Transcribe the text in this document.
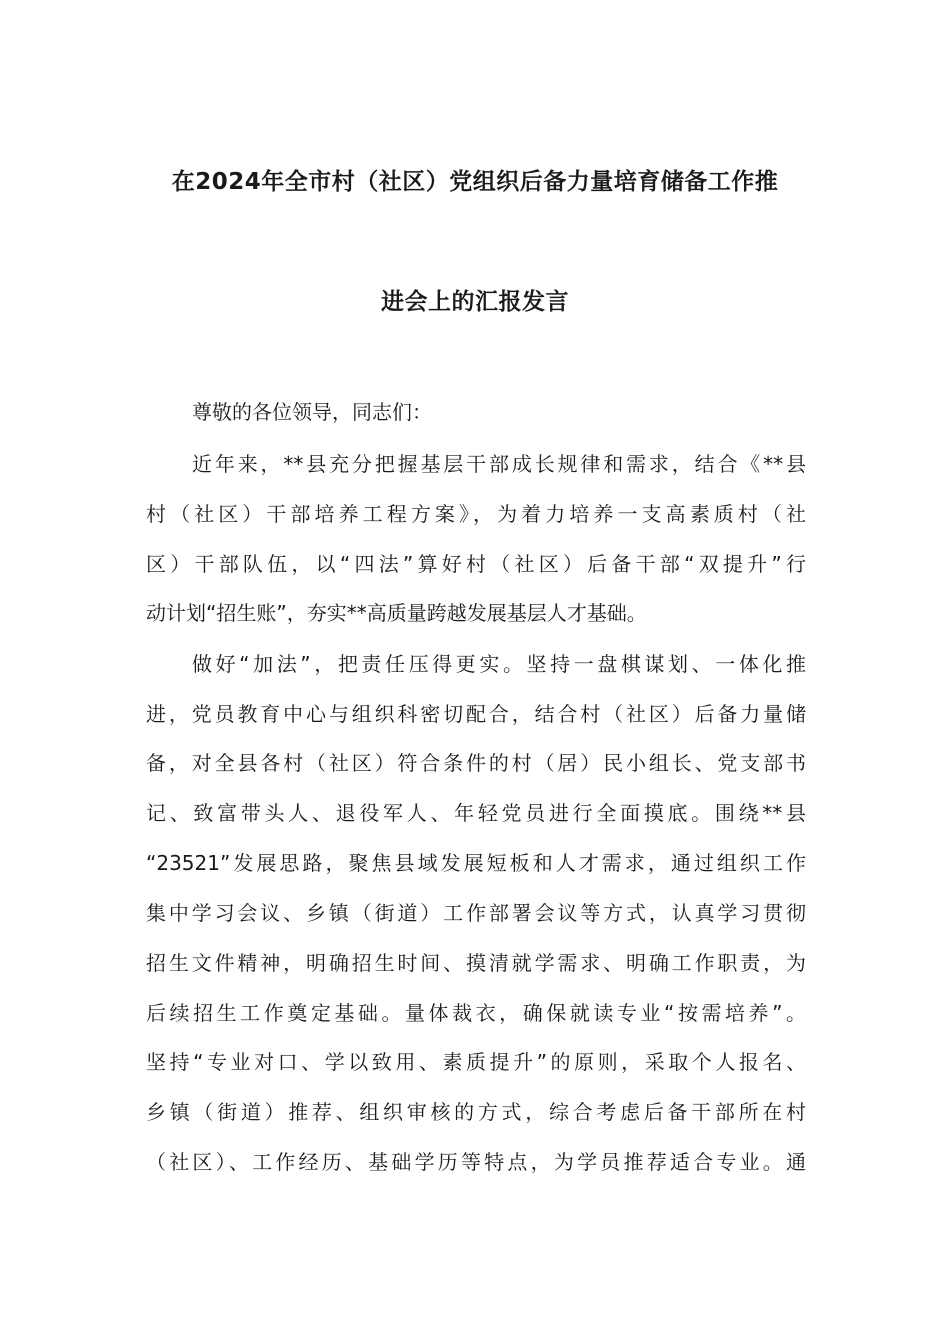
在2024年全市村（社区）党组织后备力量培育储备工作推
进会上的汇报发言
尊敬的各位领导，同志们：
近年来，**县充分把握基层干部成长规律和需求，结合《**县
村（社区）干部培养工程方案》，为着力培养一支高素质村（社
区）干部队伍，以“四法”算好村（社区）后备干部“双提升”行
动计划“招生账”，夯实**高质量跨越发展基层人才基础。
做好“加法”，把责任压得更实。坚持一盘棋谋划、一体化推
进，党员教育中心与组织科密切配合，结合村（社区）后备力量储
备，对全县各村（社区）符合条件的村（居）民小组长、党支部书
记、致富带头人、退役军人、年轻党员进行全面摸底。围绕**县
“23521”发展思路，聚焦县域发展短板和人才需求，通过组织工作
集中学习会议、乡镇（街道）工作部署会议等方式，认真学习贯彻
招生文件精神，明确招生时间、摸清就学需求、明确工作职责，为
后续招生工作奠定基础。量体裁衣，确保就读专业“按需培养”。
坚持“专业对口、学以致用、素质提升”的原则，采取个人报名、
乡镇（街道）推荐、组织审核的方式，综合考虑后备干部所在村
（社区）、工作经历、基础学历等特点，为学员推荐适合专业。通
